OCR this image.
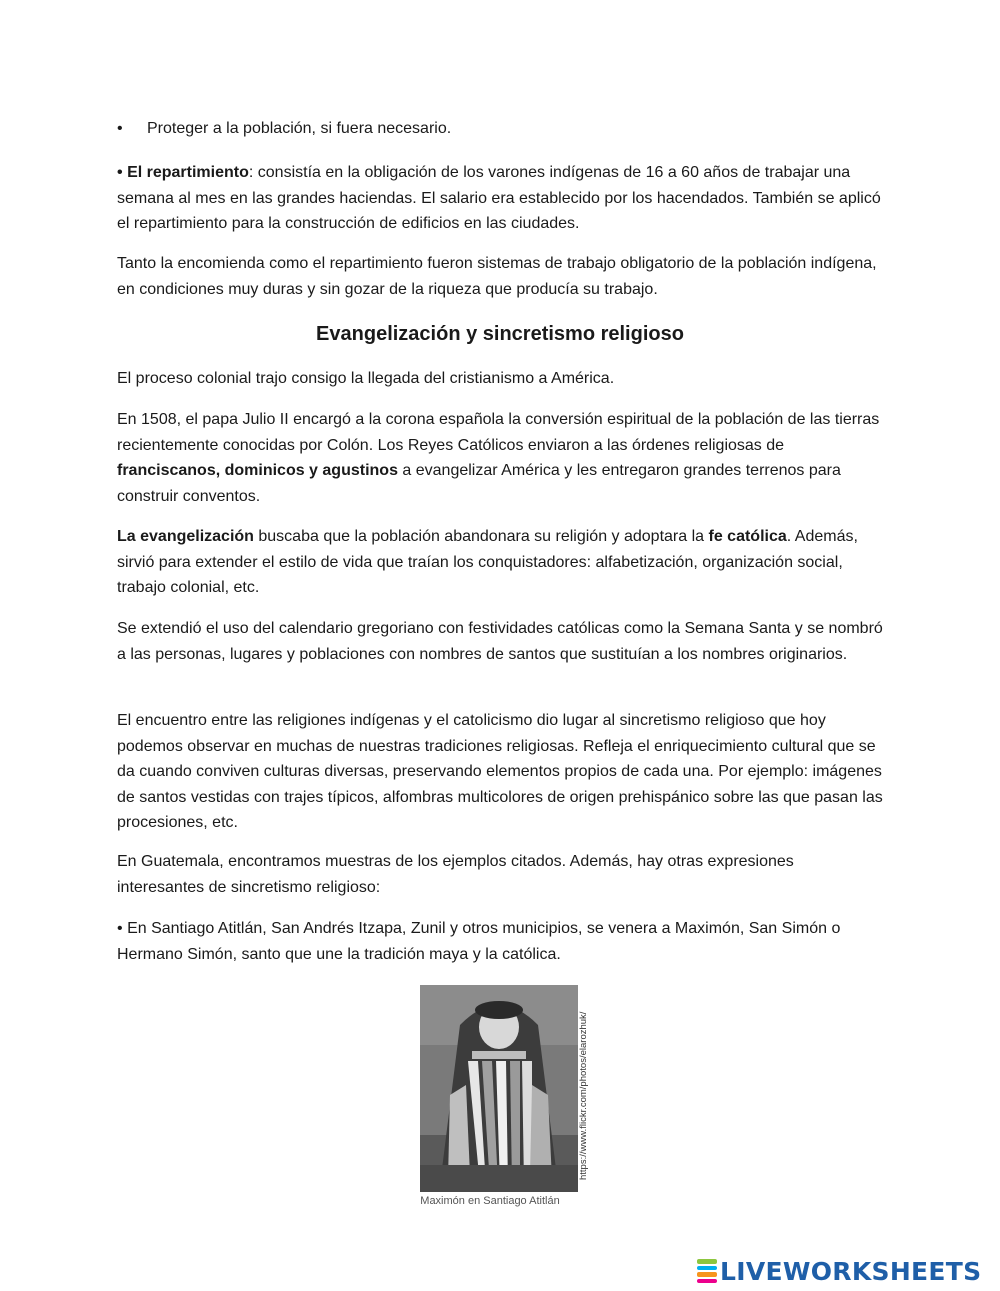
• Proteger a la población, si fuera necesario.

• El repartimiento: consistía en la obligación de los varones indígenas de 16 a 60 años de trabajar una semana al mes en las grandes haciendas. El salario era establecido por los hacendados. También se aplicó el repartimiento para la construcción de edificios en las ciudades.

Tanto la encomienda como el repartimiento fueron sistemas de trabajo obligatorio de la población indígena, en condiciones muy duras y sin gozar de la riqueza que producía su trabajo.

Evangelización y sincretismo religioso

El proceso colonial trajo consigo la llegada del cristianismo a América.

En 1508, el papa Julio II encargó a la corona española la conversión espiritual de la población de las tierras recientemente conocidas por Colón. Los Reyes Católicos enviaron a las órdenes religiosas de franciscanos, dominicos y agustinos a evangelizar América y les entregaron grandes terrenos para construir conventos.

La evangelización buscaba que la población abandonara su religión y adoptara la fe católica. Además, sirvió para extender el estilo de vida que traían los conquistadores: alfabetización, organización social, trabajo colonial, etc.

Se extendió el uso del calendario gregoriano con festividades católicas como la Semana Santa y se nombró a las personas, lugares y poblaciones con nombres de santos que sustituían a los nombres originarios.

El encuentro entre las religiones indígenas y el catolicismo dio lugar al sincretismo religioso que hoy podemos observar en muchas de nuestras tradiciones religiosas. Refleja el enriquecimiento cultural que se da cuando conviven culturas diversas, preservando elementos propios de cada una. Por ejemplo: imágenes de santos vestidas con trajes típicos, alfombras multicolores de origen prehispánico sobre las que pasan las procesiones, etc.

En Guatemala, encontramos muestras de los ejemplos citados. Además, hay otras expresiones interesantes de sincretismo religioso:

• En Santiago Atitlán, San Andrés Itzapa, Zunil y otros municipios, se venera a Maximón, San Simón o Hermano Simón, santo que une la tradición maya y la católica.

https://www.flickr.com/photos/elarozhuk/
Maximón en Santiago Atitlán
LIVEWORKSHEETS
